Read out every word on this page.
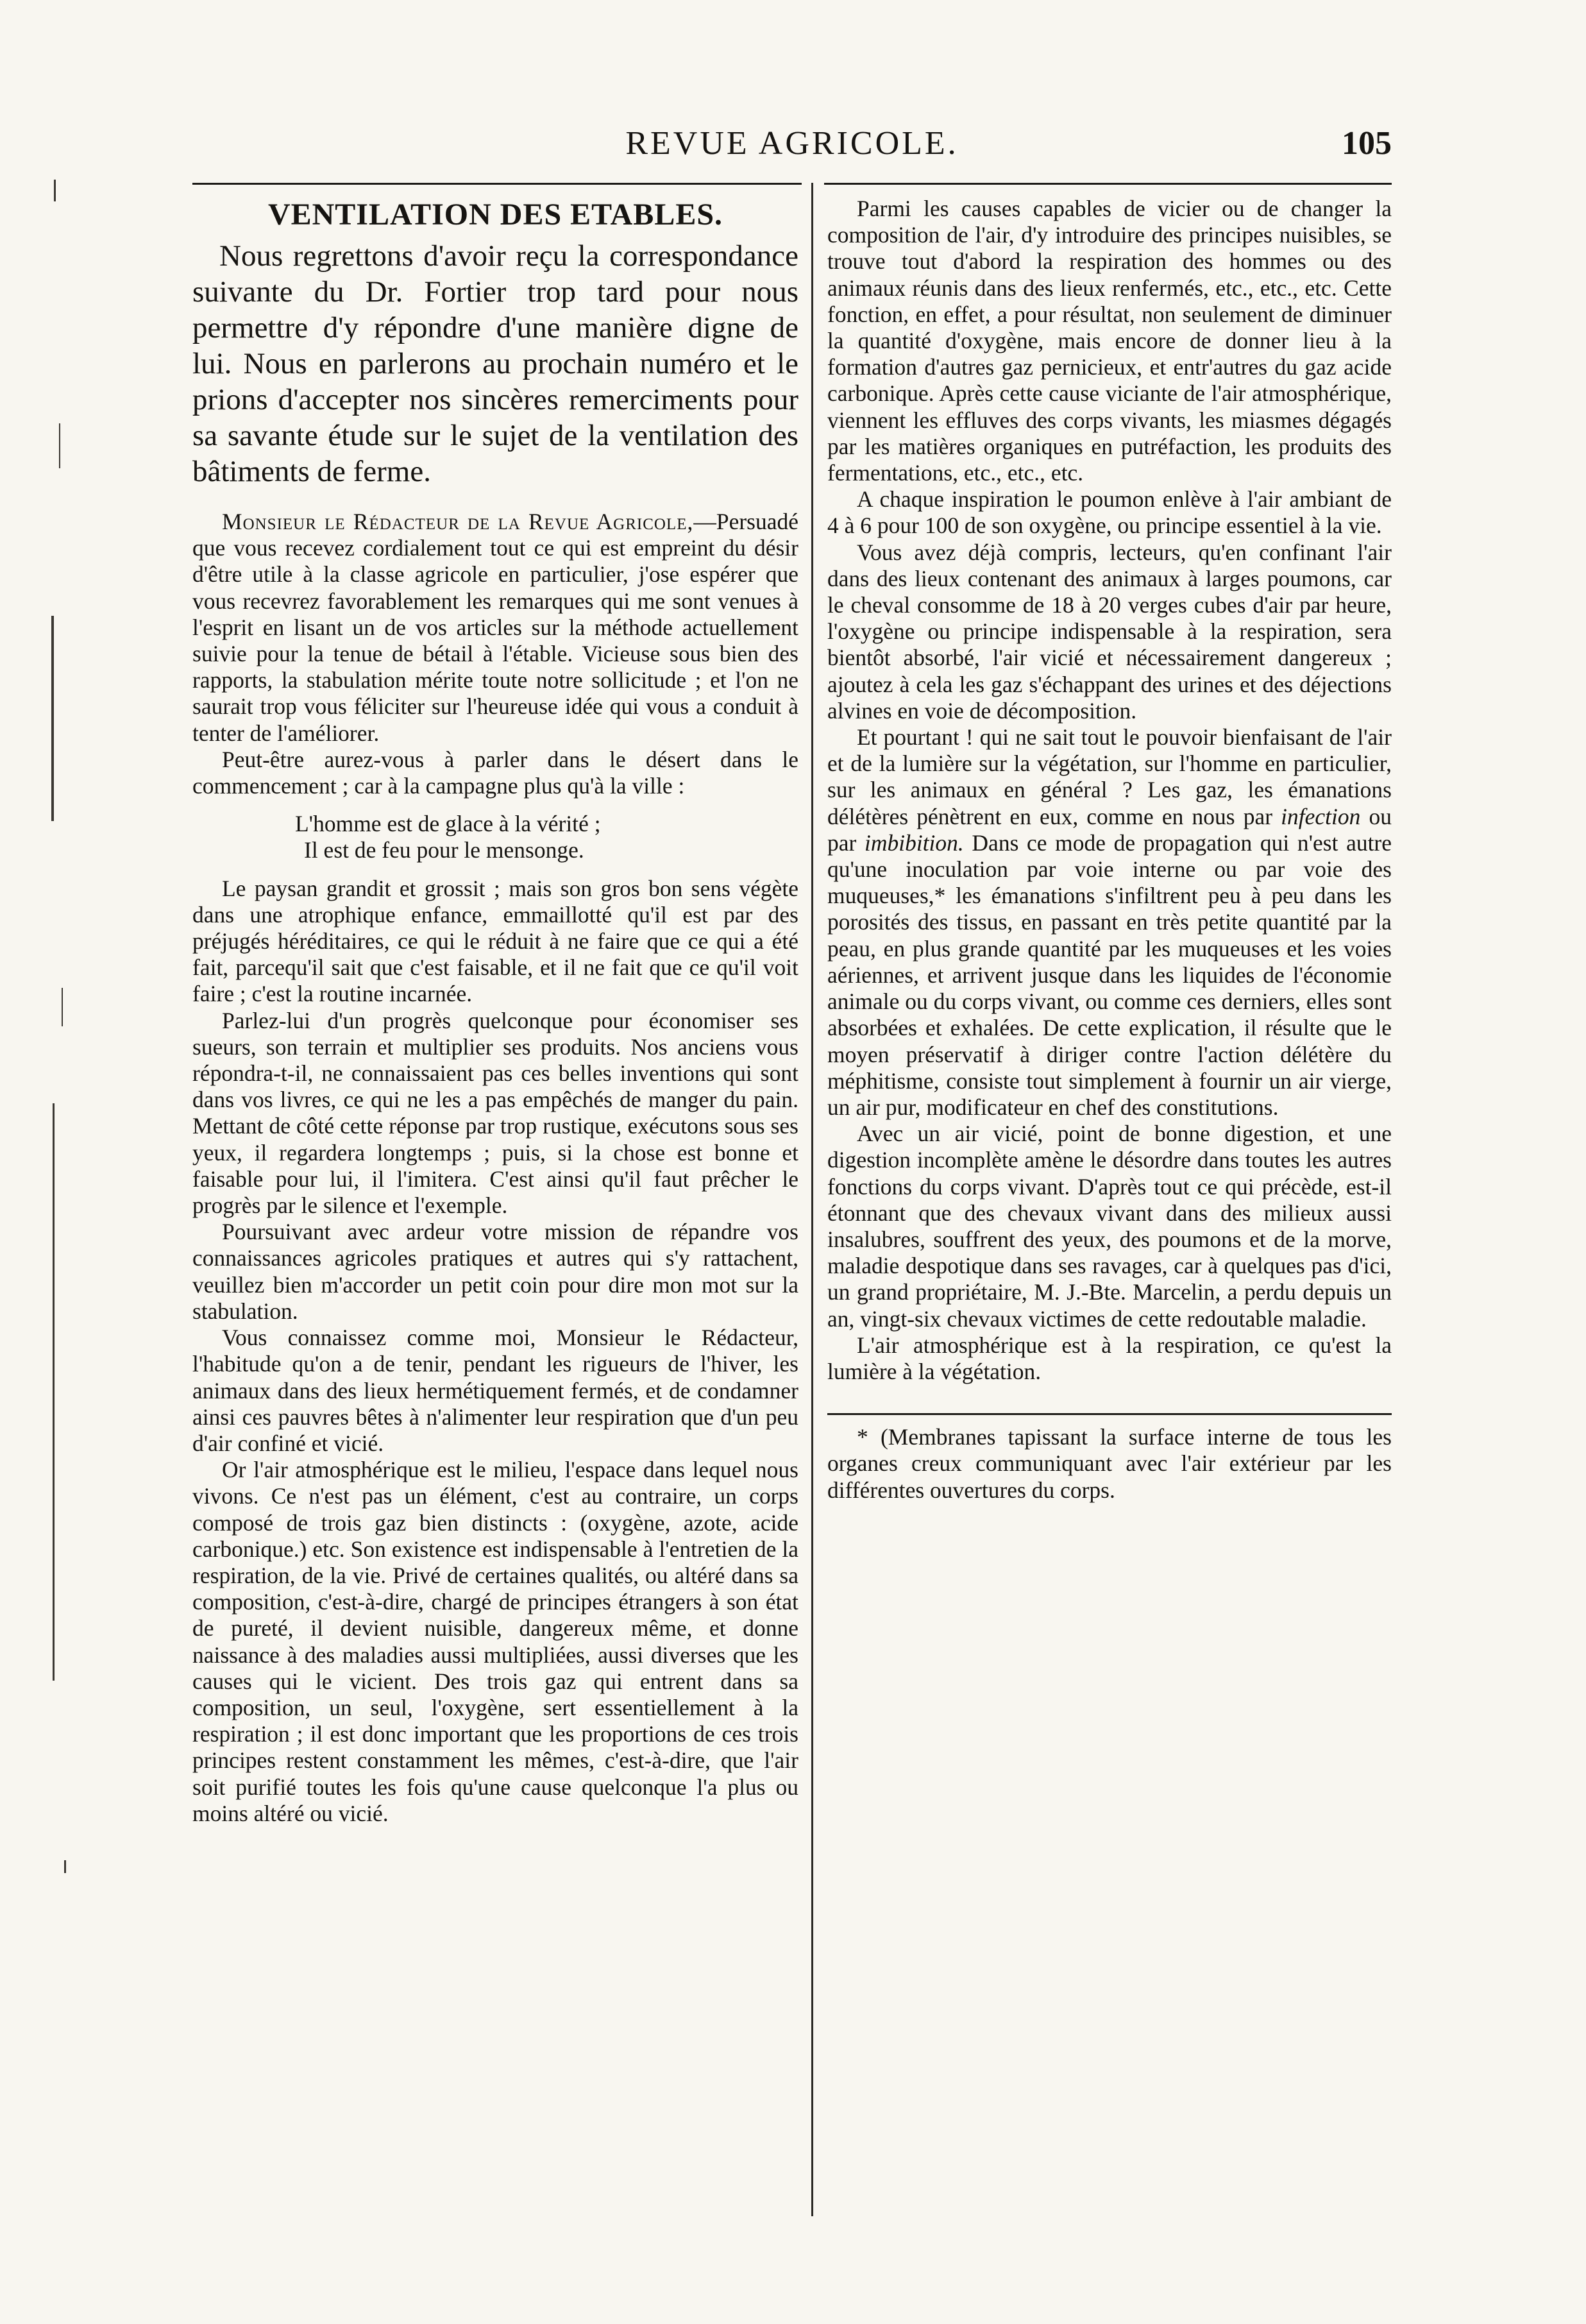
REVUE AGRICOLE.	105
VENTILATION DES ETABLES.

Nous regrettons d'avoir reçu la correspondance suivante du Dr. Fortier trop tard pour nous permettre d'y répondre d'une manière digne de lui. Nous en parlerons au prochain numéro et le prions d'accepter nos sincères remerciments pour sa savante étude sur le sujet de la ventilation des bâtiments de ferme.

Monsieur le Rédacteur de la Revue Agricole,—Persuadé que vous recevez cordialement tout ce qui est empreint du désir d'être utile à la classe agricole en particulier, j'ose espérer que vous recevrez favorablement les remarques qui me sont venues à l'esprit en lisant un de vos articles sur la méthode actuellement suivie pour la tenue de bétail à l'étable. Vicieuse sous bien des rapports, la stabulation mérite toute notre sollicitude ; et l'on ne saurait trop vous féliciter sur l'heureuse idée qui vous a conduit à tenter de l'améliorer.

Peut-être aurez-vous à parler dans le désert dans le commencement ; car à la campagne plus qu'à la ville :

L'homme est de glace à la vérité ;
Il est de feu pour le mensonge.

Le paysan grandit et grossit ; mais son gros bon sens végète dans une atrophique enfance, emmaillotté qu'il est par des préjugés héréditaires, ce qui le réduit à ne faire que ce qui a été fait, parcequ'il sait que c'est faisable, et il ne fait que ce qu'il voit faire ; c'est la routine incarnée.

Parlez-lui d'un progrès quelconque pour économiser ses sueurs, son terrain et multiplier ses produits. Nos anciens vous répondra-t-il, ne connaissaient pas ces belles inventions qui sont dans vos livres, ce qui ne les a pas empêchés de manger du pain. Mettant de côté cette réponse par trop rustique, exécutons sous ses yeux, il regardera longtemps ; puis, si la chose est bonne et faisable pour lui, il l'imitera. C'est ainsi qu'il faut prêcher le progrès par le silence et l'exemple.

Poursuivant avec ardeur votre mission de répandre vos connaissances agricoles pratiques et autres qui s'y rattachent, veuillez bien m'accorder un petit coin pour dire mon mot sur la stabulation.

Vous connaissez comme moi, Monsieur le Rédacteur, l'habitude qu'on a de tenir, pendant les rigueurs de l'hiver, les animaux dans des lieux hermétiquement fermés, et de condamner ainsi ces pauvres bêtes à n'alimenter leur respiration que d'un peu d'air confiné et vicié.

Or l'air atmosphérique est le milieu, l'espace dans lequel nous vivons. Ce n'est pas un élément, c'est au contraire, un corps composé de trois gaz bien distincts : (oxygène, azote, acide carbonique.) etc. Son existence est indispensable à l'entretien de la respiration, de la vie. Privé de certaines qualités, ou altéré dans sa composition, c'est-à-dire, chargé de principes étrangers à son état de pureté, il devient nuisible, dangereux même, et donne naissance à des maladies aussi multipliées, aussi diverses que les causes qui le vicient. Des trois gaz qui entrent dans sa composition, un seul, l'oxygène, sert essentiellement à la respiration ; il est donc important que les proportions de ces trois principes restent constamment les mêmes, c'est-à-dire, que l'air soit purifié toutes les fois qu'une cause quelconque l'a plus ou moins altéré ou vicié.

Parmi les causes capables de vicier ou de changer la composition de l'air, d'y introduire des principes nuisibles, se trouve tout d'abord la respiration des hommes ou des animaux réunis dans des lieux renfermés, etc., etc., etc. Cette fonction, en effet, a pour résultat, non seulement de diminuer la quantité d'oxygène, mais encore de donner lieu à la formation d'autres gaz pernicieux, et entr'autres du gaz acide carbonique. Après cette cause viciante de l'air atmosphérique, viennent les effluves des corps vivants, les miasmes dégagés par les matières organiques en putréfaction, les produits des fermentations, etc., etc., etc.

A chaque inspiration le poumon enlève à l'air ambiant de 4 à 6 pour 100 de son oxygène, ou principe essentiel à la vie.

Vous avez déjà compris, lecteurs, qu'en confinant l'air dans des lieux contenant des animaux à larges poumons, car le cheval consomme de 18 à 20 verges cubes d'air par heure, l'oxygène ou principe indispensable à la respiration, sera bientôt absorbé, l'air vicié et nécessairement dangereux ; ajoutez à cela les gaz s'échappant des urines et des déjections alvines en voie de décomposition.

Et pourtant ! qui ne sait tout le pouvoir bienfaisant de l'air et de la lumière sur la végétation, sur l'homme en particulier, sur les animaux en général ? Les gaz, les émanations délétères pénètrent en eux, comme en nous par infection ou par imbibition. Dans ce mode de propagation qui n'est autre qu'une inoculation par voie interne ou par voie des muqueuses,* les émanations s'infiltrent peu à peu dans les porosités des tissus, en passant en très petite quantité par la peau, en plus grande quantité par les muqueuses et les voies aériennes, et arrivent jusque dans les liquides de l'économie animale ou du corps vivant, ou comme ces derniers, elles sont absorbées et exhalées. De cette explication, il résulte que le moyen préservatif à diriger contre l'action délétère du méphitisme, consiste tout simplement à fournir un air vierge, un air pur, modificateur en chef des constitutions.

Avec un air vicié, point de bonne digestion, et une digestion incomplète amène le désordre dans toutes les autres fonctions du corps vivant. D'après tout ce qui précède, est-il étonnant que des chevaux vivant dans des milieux aussi insalubres, souffrent des yeux, des poumons et de la morve, maladie despotique dans ses ravages, car à quelques pas d'ici, un grand propriétaire, M. J.-Bte. Marcelin, a perdu depuis un an, vingt-six chevaux victimes de cette redoutable maladie.

L'air atmosphérique est à la respiration, ce qu'est la lumière à la végétation.

* (Membranes tapissant la surface interne de tous les organes creux communiquant avec l'air extérieur par les différentes ouvertures du corps.
